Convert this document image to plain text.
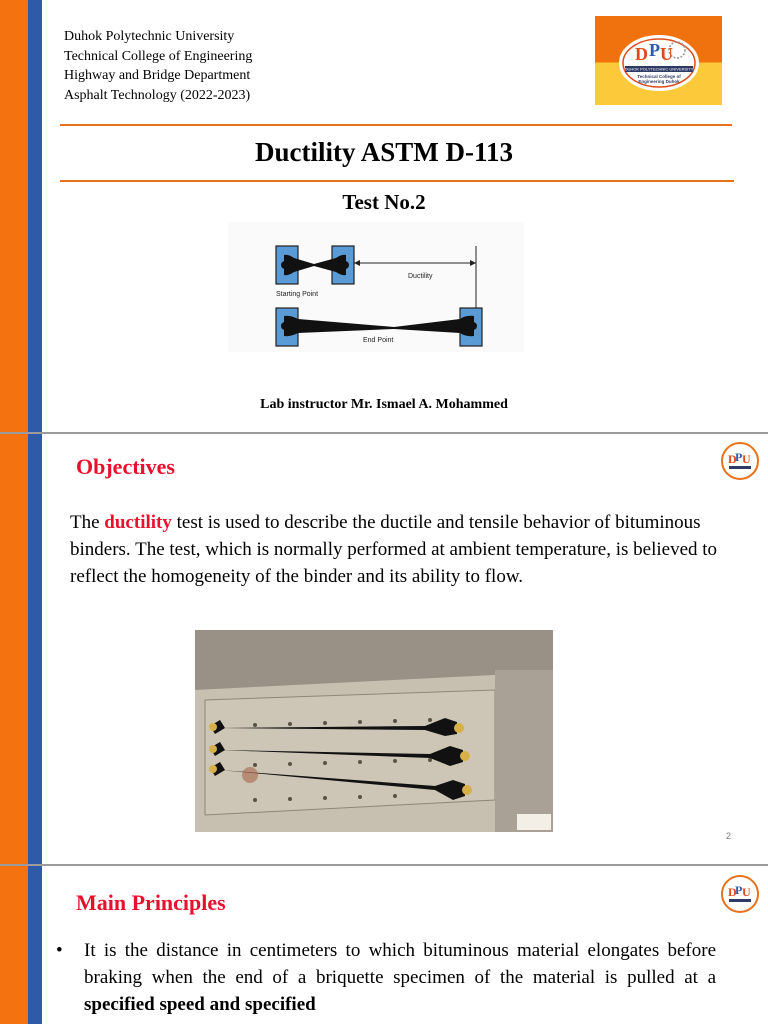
Duhok Polytechnic University
Technical College of Engineering
Highway and Bridge Department
Asphalt Technology (2022-2023)
D P U
DUHOK POLYTECHNIC UNIVERSITY
Technical College of
Engineering Duhok
Ductility ASTM D-113
Test No.2
Ductility
Starting Point
End Point
Lab instructor Mr. Ismael A. Mohammed
Objectives	D
P U
The ductility test is used to describe the ductile and tensile behavior of bituminous binders. The test, which is normally performed at ambient temperature, is believed to reflect the homogeneity of the binder and its ability to flow.
2
Main Principles	D
P U
• It is the distance in centimeters to which bituminous material elongates before braking when the end of a briquette specimen of the material is pulled at a specified speed and specified
